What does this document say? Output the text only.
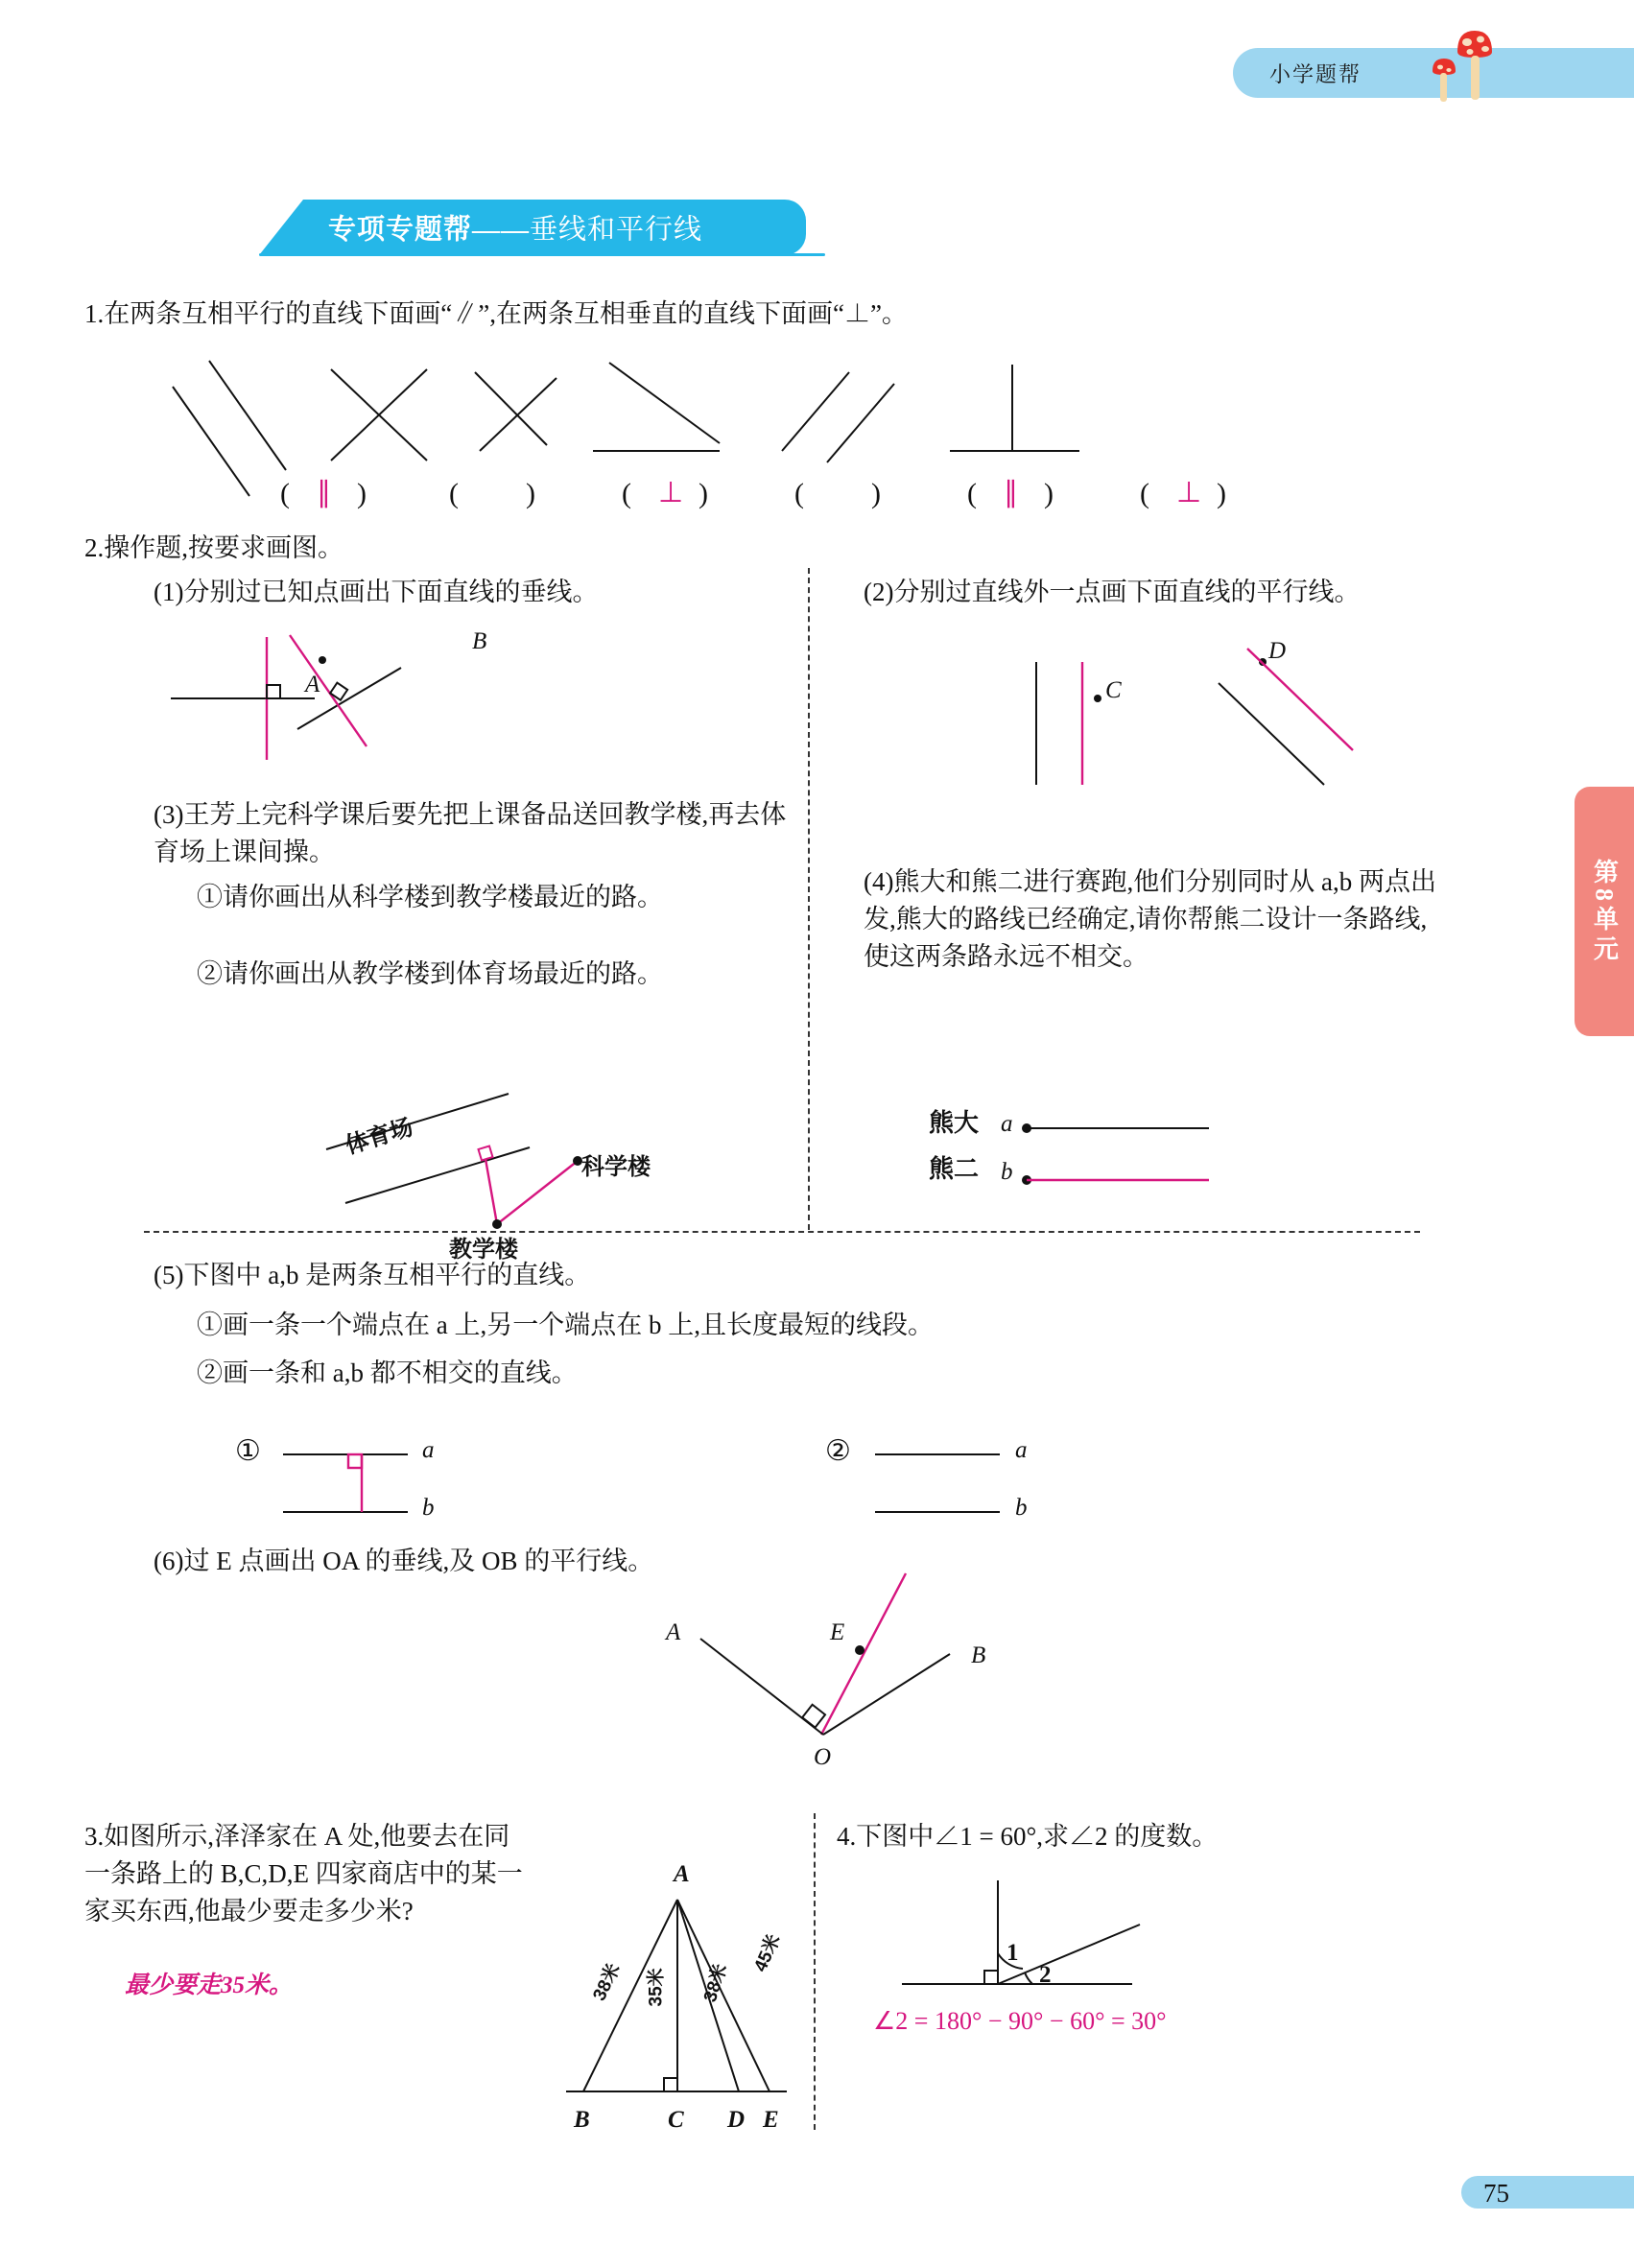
小学题帮
专项专题帮——垂线和平行线
第8单元
1.在两条互相平行的直线下面画“∥”,在两条互相垂直的直线下面画“⊥”。
( ∥ )	( )	( ⊥ )	( )	( ∥ )	( ⊥ )
2.操作题,按要求画图。
(1)分别过已知点画出下面直线的垂线。
A
B
(2)分别过直线外一点画下面直线的平行线。
C
D
(3)王芳上完科学课后要先把上课备品送回教学楼,再去体育场上课间操。
①请你画出从科学楼到教学楼最近的路。
②请你画出从教学楼到体育场最近的路。
体育场
科学楼
教学楼
(4)熊大和熊二进行赛跑,他们分别同时从 a,b 两点出发,熊大的路线已经确定,请你帮熊二设计一条路线,使这两条路永远不相交。
熊大 a
熊二 b
(5)下图中 a,b 是两条互相平行的直线。
①画一条一个端点在 a 上,另一个端点在 b 上,且长度最短的线段。
②画一条和 a,b 都不相交的直线。
①	a
b
②	a
b
(6)过 E 点画出 OA 的垂线,及 OB 的平行线。
E
A
B
O
3.如图所示,泽泽家在 A 处,他要去在同一条路上的 B,C,D,E 四家商店中的某一家买东西,他最少要走多少米?
最少要走35米。
A
B	C D E
38米 35米 38米
45米
4.下图中∠1 = 60°,求∠2 的度数。
1
2
∠2 = 180° − 90° − 60° = 30°
75
